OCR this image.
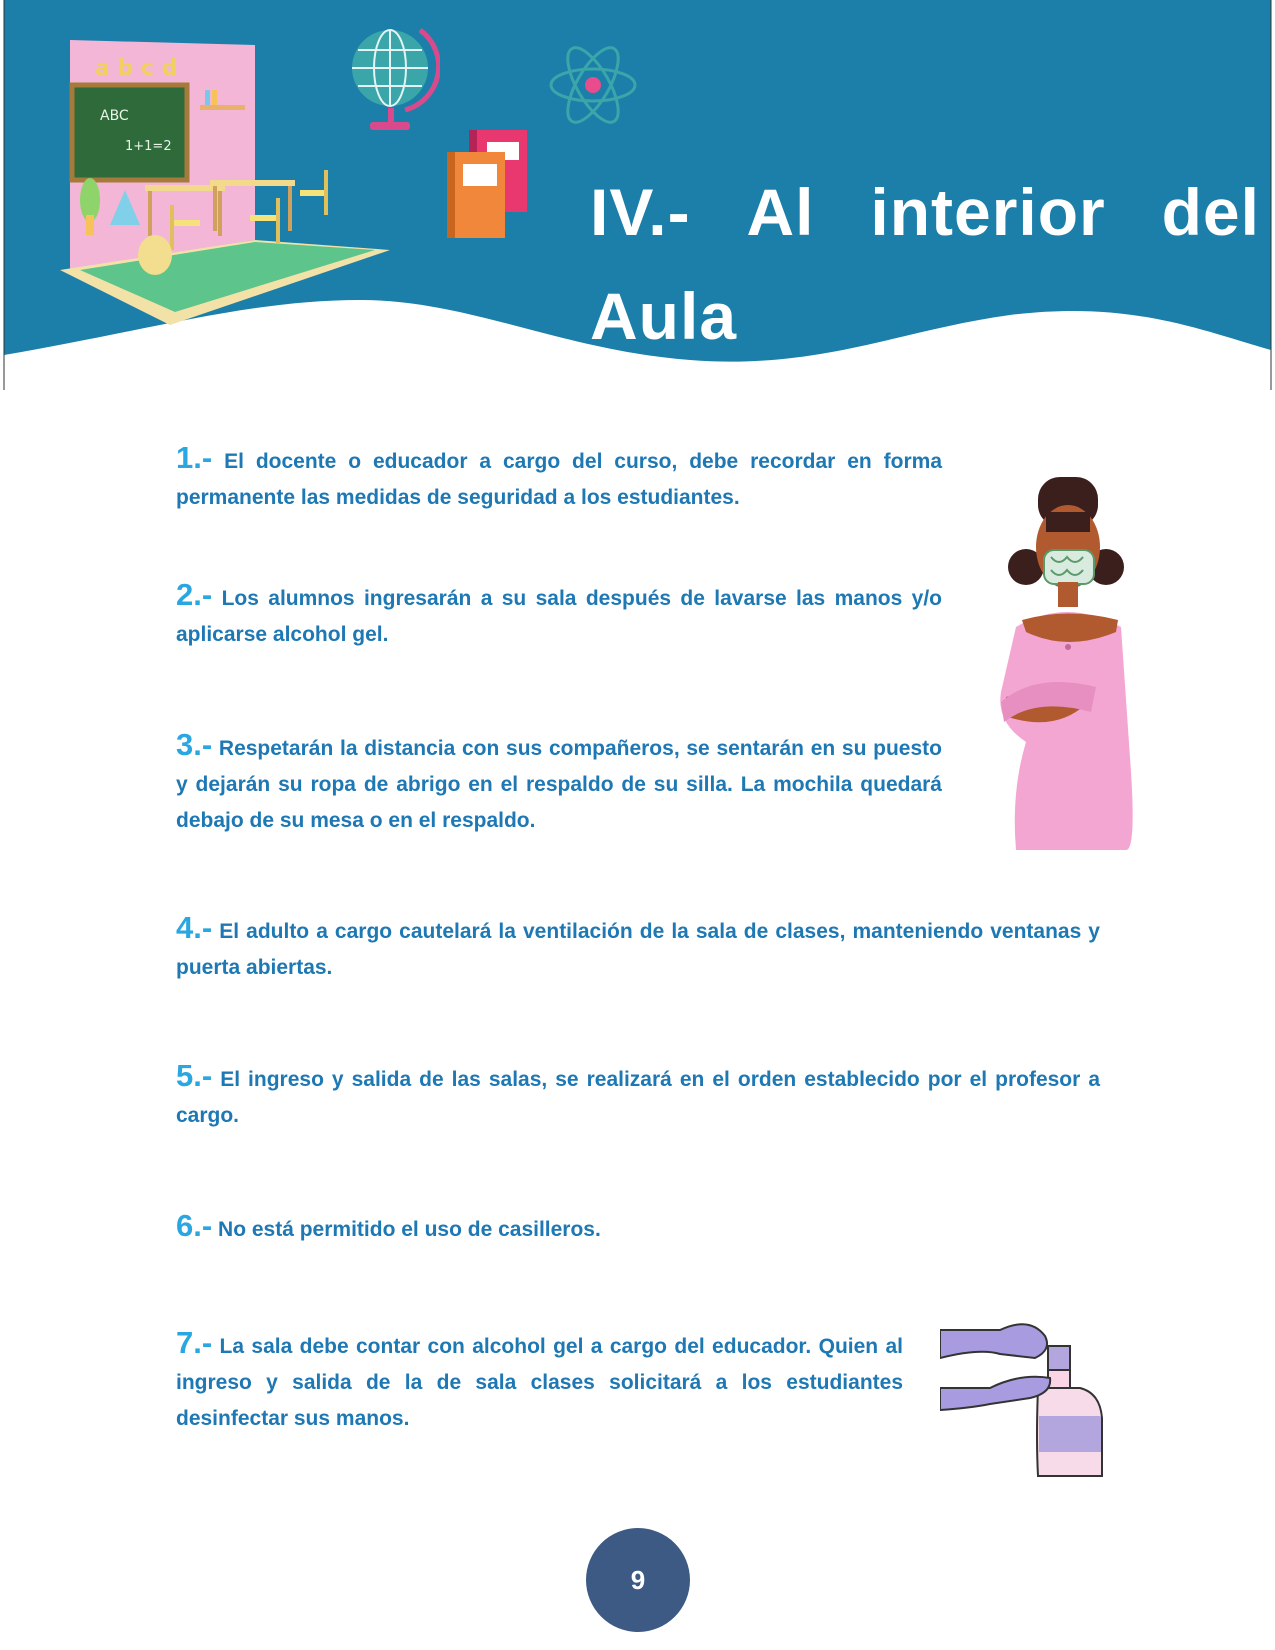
ABC
1+1=2
a b c d
IV.- Al interior del
Aula

1.- El docente o educador a cargo del curso, debe recordar en forma permanente las medidas de seguridad a los estudiantes.

2.- Los alumnos ingresarán a su sala después de lavarse las manos y/o aplicarse alcohol gel.

3.- Respetarán la distancia con sus compañeros, se sentarán en su puesto y dejarán su ropa de abrigo en el respaldo de su silla. La mochila quedará debajo de su mesa o en el respaldo.

4.- El adulto a cargo cautelará la ventilación de la sala de clases, manteniendo ventanas y puerta abiertas.

5.- El ingreso y salida de las salas, se realizará en el orden establecido por el profesor a cargo.

6.- No está permitido el uso de casilleros.

7.- La sala debe contar con alcohol gel a cargo del educador. Quien al ingreso y salida de la de sala clases solicitará a los estudiantes desinfectar sus manos.

9
